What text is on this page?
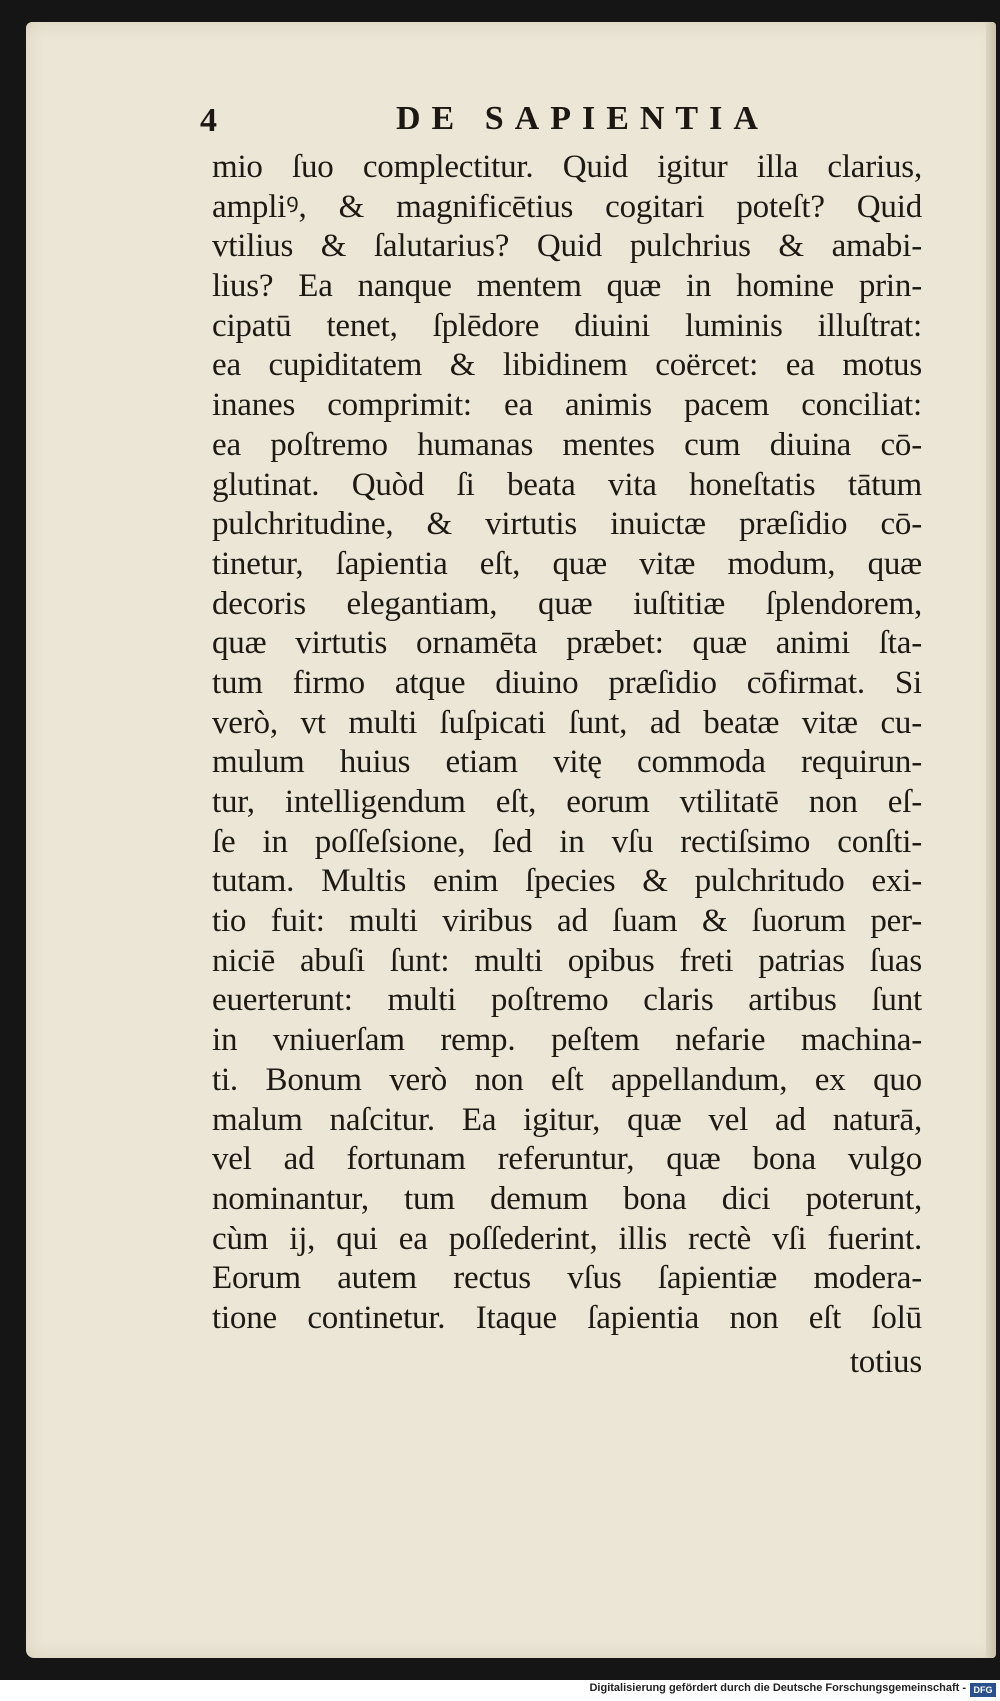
4	DE SAPIENTIA
mio ſuo complectitur. Quid igitur illa clarius,
ampliꝰ, & magnificētius cogitari poteſt? Quid
vtilius & ſalutarius? Quid pulchrius & amabi-
lius? Ea nanque mentem quæ in homine prin-
cipatū tenet, ſplēdore diuini luminis illuſtrat:
ea cupiditatem & libidinem coërcet: ea motus
inanes comprimit: ea animis pacem conciliat:
ea poſtremo humanas mentes cum diuina cō-
glutinat. Quòd ſi beata vita honeſtatis tātum
pulchritudine, & virtutis inuictæ præſidio cō-
tinetur, ſapientia eſt, quæ vitæ modum, quæ
decoris elegantiam, quæ iuſtitiæ ſplendorem,
quæ virtutis ornamēta præbet: quæ animi ſta-
tum firmo atque diuino præſidio cōfirmat. Si
verò, vt multi ſuſpicati ſunt, ad beatæ vitæ cu-
mulum huius etiam vitę commoda requirun-
tur, intelligendum eſt, eorum vtilitatē non eſ-
ſe in poſſeſsione, ſed in vſu rectiſsimo conſti-
tutam. Multis enim ſpecies & pulchritudo exi-
tio fuit: multi viribus ad ſuam & ſuorum per-
niciē abuſi ſunt: multi opibus freti patrias ſuas
euerterunt: multi poſtremo claris artibus ſunt
in vniuerſam remp. peſtem nefarie machina-
ti. Bonum verò non eſt appellandum, ex quo
malum naſcitur. Ea igitur, quæ vel ad naturā,
vel ad fortunam referuntur, quæ bona vulgo
nominantur, tum demum bona dici poterunt,
cùm ij, qui ea poſſederint, illis rectè vſi fuerint.
Eorum autem rectus vſus ſapientiæ modera-
tione continetur. Itaque ſapientia non eſt ſolū
totius
Digitalisierung gefördert durch die Deutsche Forschungsgemeinschaft - DFG
